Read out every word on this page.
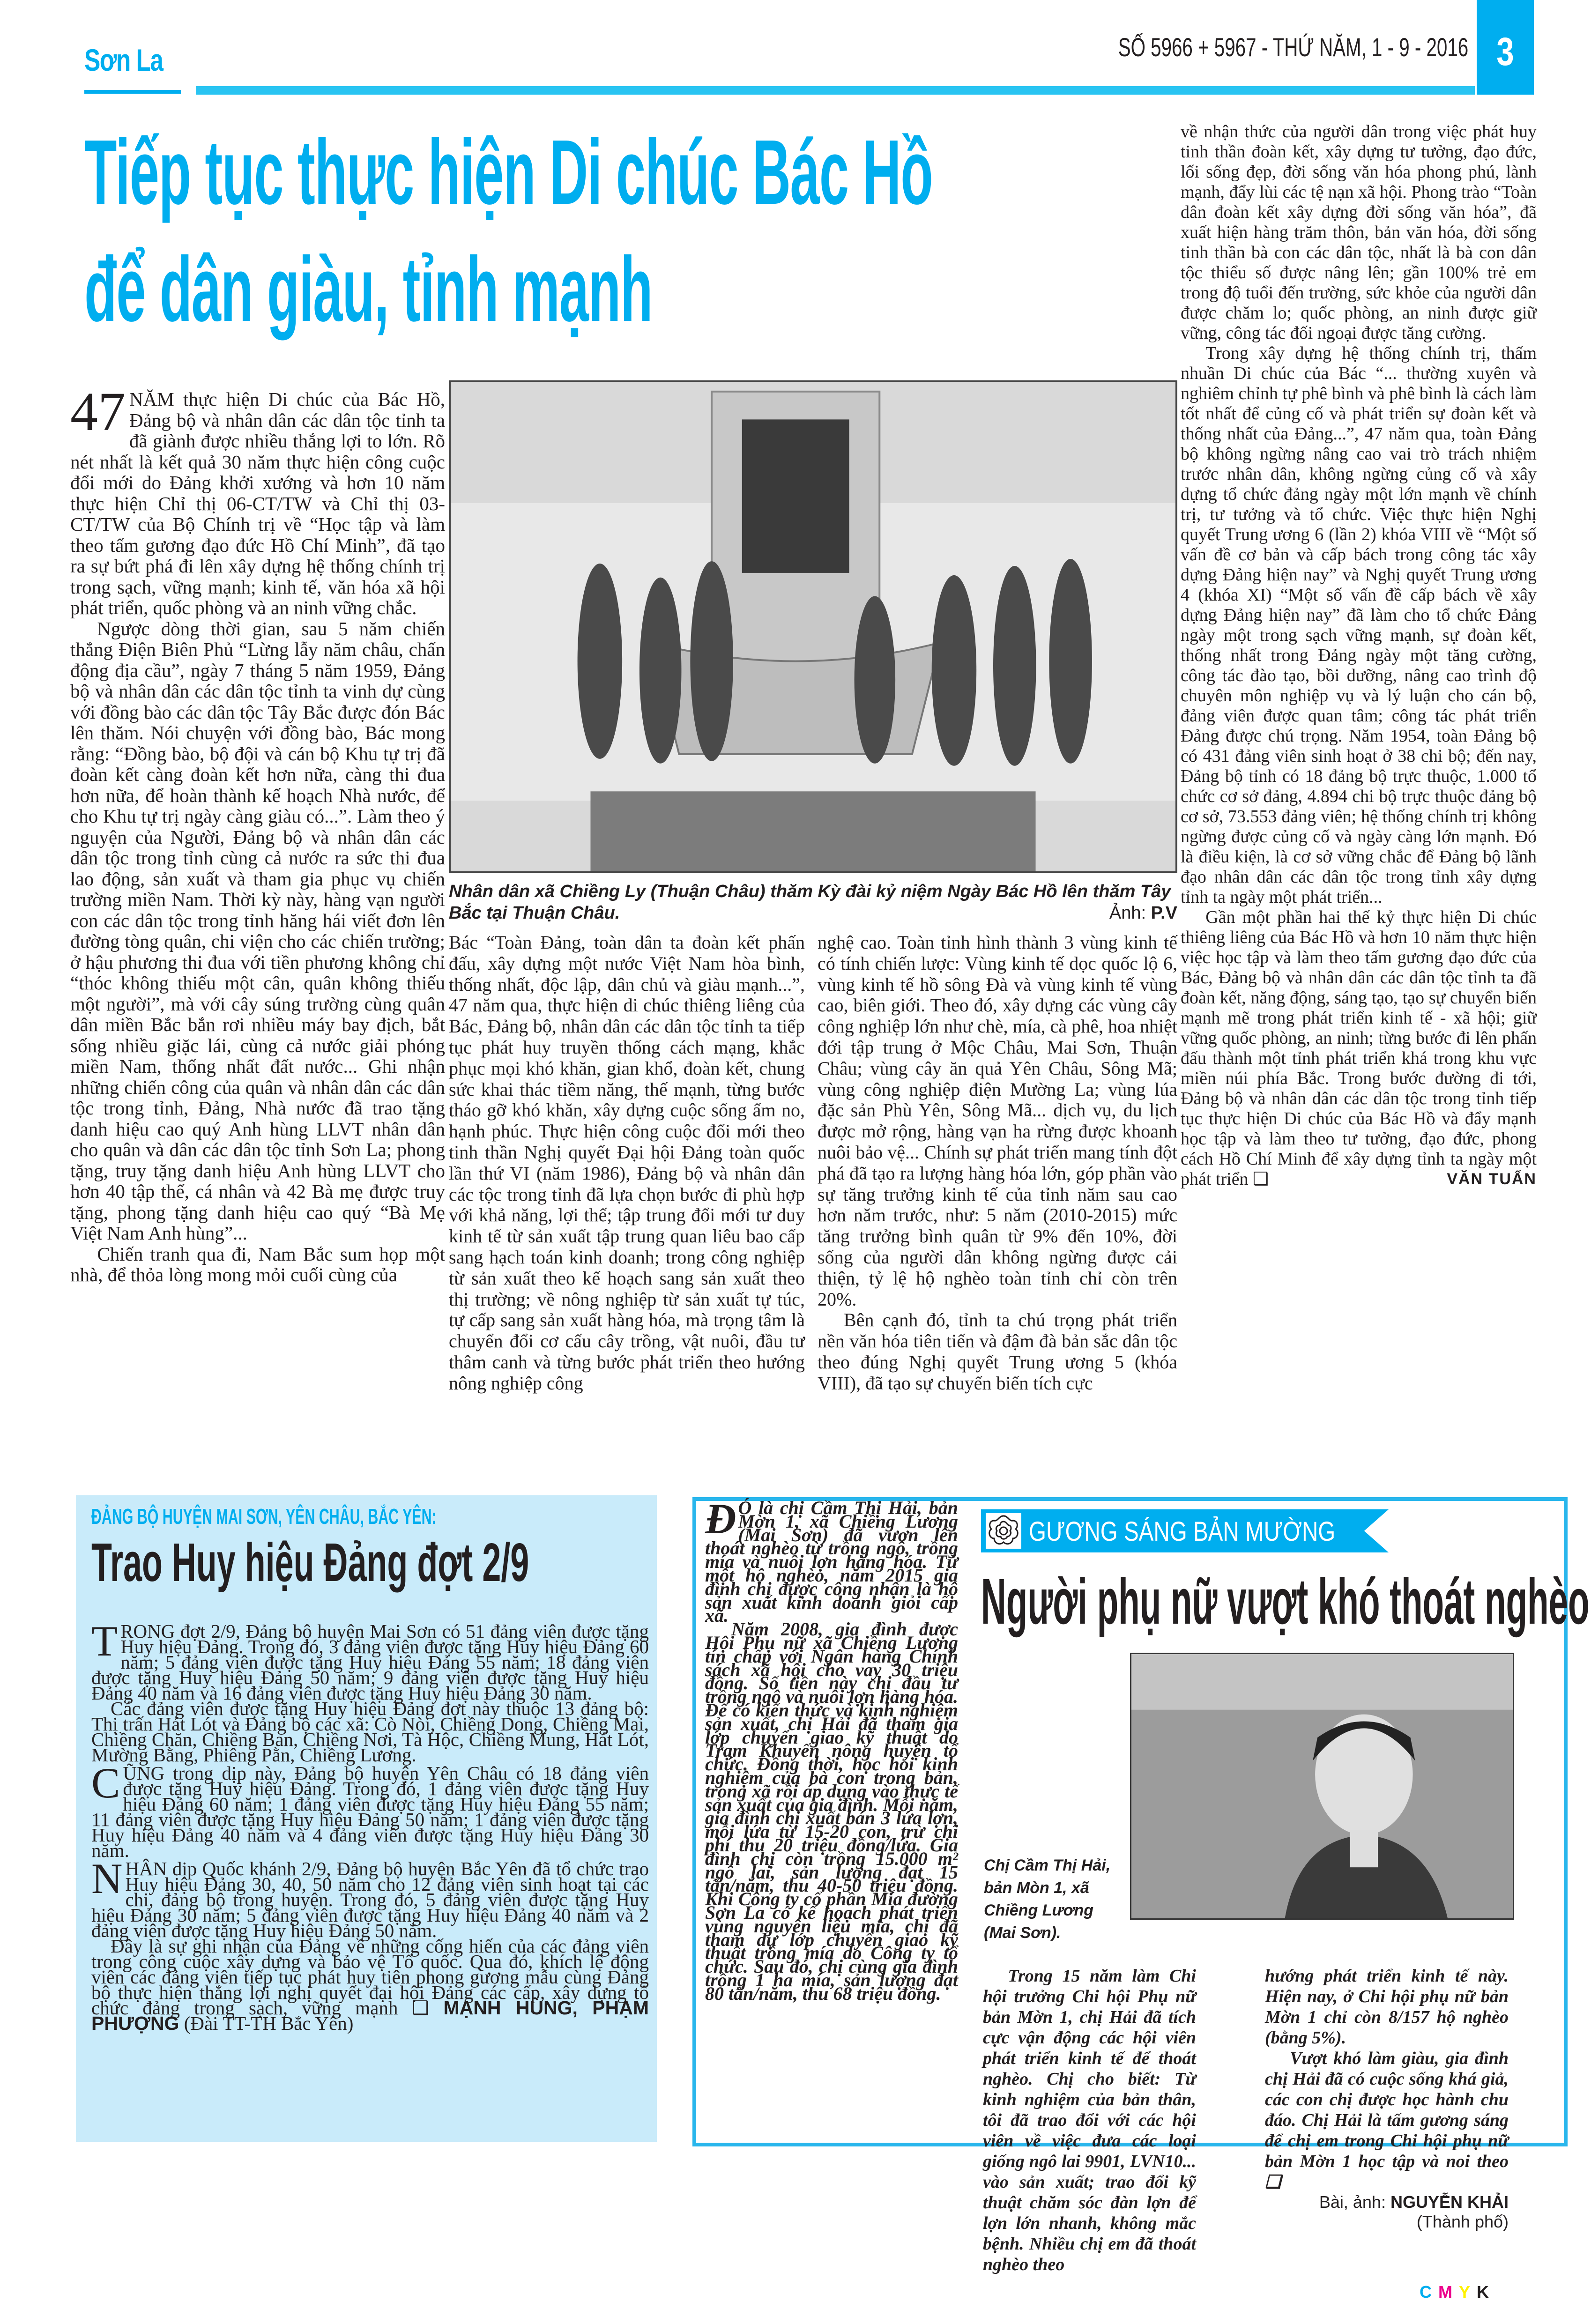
Sơn La	SỐ 5966 + 5967 - THỨ NĂM, 1 - 9 - 2016 3
Tiếp tục thực hiện Di chúc Bác Hồ
để dân giàu, tỉnh mạnh

47 NĂM thực hiện Di chúc của Bác Hồ, Đảng bộ và nhân dân các dân tộc tỉnh ta đã giành được nhiều thắng lợi to lớn. Rõ nét nhất là kết quả 30 năm thực hiện công cuộc đổi mới do Đảng khởi xướng và hơn 10 năm thực hiện Chỉ thị 06-CT/TW và Chỉ thị 03-CT/TW của Bộ Chính trị về “Học tập và làm theo tấm gương đạo đức Hồ Chí Minh”, đã tạo ra sự bứt phá đi lên xây dựng hệ thống chính trị trong sạch, vững mạnh; kinh tế, văn hóa xã hội phát triển, quốc phòng và an ninh vững chắc.

Ngược dòng thời gian, sau 5 năm chiến thắng Điện Biên Phủ “Lừng lẫy năm châu, chấn động địa cầu”, ngày 7 tháng 5 năm 1959, Đảng bộ và nhân dân các dân tộc tỉnh ta vinh dự cùng với đồng bào các dân tộc Tây Bắc được đón Bác lên thăm. Nói chuyện với đồng bào, Bác mong rằng: “Đồng bào, bộ đội và cán bộ Khu tự trị đã đoàn kết càng đoàn kết hơn nữa, càng thi đua hơn nữa, để hoàn thành kế hoạch Nhà nước, để cho Khu tự trị ngày càng giàu có...”. Làm theo ý nguyện của Người, Đảng bộ và nhân dân các dân tộc trong tỉnh cùng cả nước ra sức thi đua lao động, sản xuất và tham gia phục vụ chiến trường miền Nam. Thời kỳ này, hàng vạn người con các dân tộc trong tỉnh hăng hái viết đơn lên đường tòng quân, chi viện cho các chiến trường; ở hậu phương thi đua với tiền phương không chỉ “thóc không thiếu một cân, quân không thiếu một người”, mà với cây súng trường cùng quân dân miền Bắc bắn rơi nhiều máy bay địch, bắt sống nhiều giặc lái, cùng cả nước giải phóng miền Nam, thống nhất đất nước... Ghi nhận những chiến công của quân và nhân dân các dân tộc trong tỉnh, Đảng, Nhà nước đã trao tặng danh hiệu cao quý Anh hùng LLVT nhân dân cho quân và dân các dân tộc tỉnh Sơn La; phong tặng, truy tặng danh hiệu Anh hùng LLVT cho hơn 40 tập thể, cá nhân và 42 Bà mẹ được truy tặng, phong tặng danh hiệu cao quý “Bà Mẹ Việt Nam Anh hùng”...

Chiến tranh qua đi, Nam Bắc sum họp một nhà, để thỏa lòng mong mỏi cuối cùng của

Nhân dân xã Chiềng Ly (Thuận Châu) thăm Kỳ đài kỷ niệm Ngày Bác Hồ lên thăm Tây Bắc tại Thuận Châu.	Ảnh: P.V

Bác “Toàn Đảng, toàn dân ta đoàn kết phấn đấu, xây dựng một nước Việt Nam hòa bình, thống nhất, độc lập, dân chủ và giàu mạnh...”, 47 năm qua, thực hiện di chúc thiêng liêng của Bác, Đảng bộ, nhân dân các dân tộc tỉnh ta tiếp tục phát huy truyền thống cách mạng, khắc phục mọi khó khăn, gian khổ, đoàn kết, chung sức khai thác tiềm năng, thế mạnh, từng bước tháo gỡ khó khăn, xây dựng cuộc sống ấm no, hạnh phúc. Thực hiện công cuộc đổi mới theo tinh thần Nghị quyết Đại hội Đảng toàn quốc lần thứ VI (năm 1986), Đảng bộ và nhân dân các tộc trong tỉnh đã lựa chọn bước đi phù hợp với khả năng, lợi thế; tập trung đổi mới tư duy kinh tế từ sản xuất tập trung quan liêu bao cấp sang hạch toán kinh doanh; trong công nghiệp từ sản xuất theo kế hoạch sang sản xuất theo thị trường; về nông nghiệp từ sản xuất tự túc, tự cấp sang sản xuất hàng hóa, mà trọng tâm là chuyển đổi cơ cấu cây trồng, vật nuôi, đầu tư thâm canh và từng bước phát triển theo hướng nông nghiệp công

nghệ cao. Toàn tỉnh hình thành 3 vùng kinh tế có tính chiến lược: Vùng kinh tế dọc quốc lộ 6, vùng kinh tế hồ sông Đà và vùng kinh tế vùng cao, biên giới. Theo đó, xây dựng các vùng cây công nghiệp lớn như chè, mía, cà phê, hoa nhiệt đới tập trung ở Mộc Châu, Mai Sơn, Thuận Châu; vùng cây ăn quả Yên Châu, Sông Mã; vùng công nghiệp điện Mường La; vùng lúa đặc sản Phù Yên, Sông Mã... dịch vụ, du lịch được mở rộng, hàng vạn ha rừng được khoanh nuôi bảo vệ... Chính sự phát triển mang tính đột phá đã tạo ra lượng hàng hóa lớn, góp phần vào sự tăng trưởng kinh tế của tỉnh năm sau cao hơn năm trước, như: 5 năm (2010-2015) mức tăng trưởng bình quân từ 9% đến 10%, đời sống của người dân không ngừng được cải thiện, tỷ lệ hộ nghèo toàn tỉnh chỉ còn trên 20%.

Bên cạnh đó, tỉnh ta chú trọng phát triển nền văn hóa tiên tiến và đậm đà bản sắc dân tộc theo đúng Nghị quyết Trung ương 5 (khóa VIII), đã tạo sự chuyển biến tích cực

về nhận thức của người dân trong việc phát huy tinh thần đoàn kết, xây dựng tư tưởng, đạo đức, lối sống đẹp, đời sống văn hóa phong phú, lành mạnh, đẩy lùi các tệ nạn xã hội. Phong trào “Toàn dân đoàn kết xây dựng đời sống văn hóa”, đã xuất hiện hàng trăm thôn, bản văn hóa, đời sống tinh thần bà con các dân tộc, nhất là bà con dân tộc thiểu số được nâng lên; gần 100% trẻ em trong độ tuổi đến trường, sức khỏe của người dân được chăm lo; quốc phòng, an ninh được giữ vững, công tác đối ngoại được tăng cường.

Trong xây dựng hệ thống chính trị, thấm nhuần Di chúc của Bác “... thường xuyên và nghiêm chỉnh tự phê bình và phê bình là cách làm tốt nhất để củng cố và phát triển sự đoàn kết và thống nhất của Đảng...”, 47 năm qua, toàn Đảng bộ không ngừng nâng cao vai trò trách nhiệm trước nhân dân, không ngừng củng cố và xây dựng tổ chức đảng ngày một lớn mạnh về chính trị, tư tưởng và tổ chức. Việc thực hiện Nghị quyết Trung ương 6 (lần 2) khóa VIII về “Một số vấn đề cơ bản và cấp bách trong công tác xây dựng Đảng hiện nay” và Nghị quyết Trung ương 4 (khóa XI) “Một số vấn đề cấp bách về xây dựng Đảng hiện nay” đã làm cho tổ chức Đảng ngày một trong sạch vững mạnh, sự đoàn kết, thống nhất trong Đảng ngày một tăng cường, công tác đào tạo, bồi dưỡng, nâng cao trình độ chuyên môn nghiệp vụ và lý luận cho cán bộ, đảng viên được quan tâm; công tác phát triển Đảng được chú trọng. Năm 1954, toàn Đảng bộ có 431 đảng viên sinh hoạt ở 38 chi bộ; đến nay, Đảng bộ tỉnh có 18 đảng bộ trực thuộc, 1.000 tổ chức cơ sở đảng, 4.894 chi bộ trực thuộc đảng bộ cơ sở, 73.553 đảng viên; hệ thống chính trị không ngừng được củng cố và ngày càng lớn mạnh. Đó là điều kiện, là cơ sở vững chắc để Đảng bộ lãnh đạo nhân dân các dân tộc trong tỉnh xây dựng tỉnh ta ngày một phát triển...

Gần một phần hai thế kỷ thực hiện Di chúc thiêng liêng của Bác Hồ và hơn 10 năm thực hiện việc học tập và làm theo tấm gương đạo đức của Bác, Đảng bộ và nhân dân các dân tộc tỉnh ta đã đoàn kết, năng động, sáng tạo, tạo sự chuyển biến mạnh mẽ trong phát triển kinh tế - xã hội; giữ vững quốc phòng, an ninh; từng bước đi lên phấn đấu thành một tỉnh phát triển khá trong khu vực miền núi phía Bắc. Trong bước đường đi tới, Đảng bộ và nhân dân các dân tộc trong tỉnh tiếp tục thực hiện Di chúc của Bác Hồ và đẩy mạnh học tập và làm theo tư tưởng, đạo đức, phong cách Hồ Chí Minh để xây dựng tỉnh ta ngày một phát triển ❑	VĂN TUẤN

ĐẢNG BỘ HUYỆN MAI SƠN, YÊN CHÂU, BẮC YÊN:
Trao Huy hiệu Đảng đợt 2/9

TRONG đợt 2/9, Đảng bộ huyện Mai Sơn có 51 đảng viên được tặng Huy hiệu Đảng. Trong đó, 3 đảng viên được tặng Huy hiệu Đảng 60 năm; 5 đảng viên được tặng Huy hiệu Đảng 55 năm; 18 đảng viên được tặng Huy hiệu Đảng 50 năm; 9 đảng viên được tặng Huy hiệu Đảng 40 năm và 16 đảng viên được tặng Huy hiệu Đảng 30 năm.

Các đảng viên được tặng Huy hiệu Đảng đợt này thuộc 13 đảng bộ: Thị trấn Hát Lót và Đảng bộ các xã: Cò Nòi, Chiềng Dong, Chiềng Mai, Chiềng Chăn, Chiềng Ban, Chiềng Nơi, Tà Hộc, Chiềng Mung, Hát Lót, Mường Bằng, Phiêng Pằn, Chiềng Lương.

CŨNG trong dịp này, Đảng bộ huyện Yên Châu có 18 đảng viên được tặng Huy hiệu Đảng. Trong đó, 1 đảng viên được tặng Huy hiệu Đảng 60 năm; 1 đảng viên được tặng Huy hiệu Đảng 55 năm; 11 đảng viên được tặng Huy hiệu Đảng 50 năm; 1 đảng viên được tặng Huy hiệu Đảng 40 năm và 4 đảng viên được tặng Huy hiệu Đảng 30 năm.

NHÂN dịp Quốc khánh 2/9, Đảng bộ huyện Bắc Yên đã tổ chức trao Huy hiệu Đảng 30, 40, 50 năm cho 12 đảng viên sinh hoạt tại các chi, đảng bộ trong huyện. Trong đó, 5 đảng viên được tặng Huy hiệu Đảng 30 năm; 5 đảng viên được tặng Huy hiệu Đảng 40 năm và 2 đảng viên được tặng Huy hiệu Đảng 50 năm.

Đây là sự ghi nhận của Đảng về những cống hiến của các đảng viên trong công cuộc xây dựng và bảo vệ Tổ quốc. Qua đó, khích lệ động viên các đảng viên tiếp tục phát huy tiên phong gương mẫu cùng Đảng bộ thực hiện thắng lợi nghị quyết đại hội Đảng các cấp, xây dựng tổ chức đảng trong sạch, vững mạnh ❑ MẠNH HÙNG, PHẠM PHƯỢNG (Đài TT-TH Bắc Yên)

Đ Ó là chị Cầm Thị Hải, bản Mờn 1, xã Chiềng Lương (Mai Sơn) đã vươn lên thoát nghèo từ trồng ngô, trồng mía và nuôi lợn hàng hóa. Từ một hộ nghèo, năm 2015 gia đình chị được công nhận là hộ sản xuất kinh doanh giỏi cấp xã.

Năm 2008, gia đình được Hội Phụ nữ xã Chiềng Lương tín chấp với Ngân hàng Chính sách xã hội cho vay 30 triệu đồng. Số tiền này chị đầu tư trồng ngô và nuôi lợn hàng hóa. Để có kiến thức và kinh nghiệm sản xuất, chị Hải đã tham gia lớp chuyển giao kỹ thuật do Trạm Khuyến nông huyện tổ chức. Đồng thời, học hỏi kinh nghiệm của bà con trong bản, trong xã rồi áp dụng vào thực tế sản xuất của gia đình. Mỗi năm, gia đình chị xuất bán 3 lứa lợn, mỗi lứa từ 15-20 con, trừ chi phí thu 20 triệu đồng/lứa. Gia đình chị còn trồng 15.000 m² ngô lai, sản lượng đạt 15 tấn/năm, thu 40-50 triệu đồng. Khi Công ty cổ phần Mía đường Sơn La có kế hoạch phát triển vùng nguyên liệu mía, chị đã tham dự lớp chuyển giao kỹ thuật trồng mía do Công ty tổ chức. Sau đó, chị cùng gia đình trồng 1 ha mía, sản lượng đạt 80 tấn/năm, thu 68 triệu đồng.

GƯƠNG SÁNG BẢN MƯỜNG
Người phụ nữ vượt khó thoát nghèo
Chị Cầm Thị Hải, bản Mòn 1, xã Chiềng Lương (Mai Sơn).

Trong 15 năm làm Chi hội trưởng Chi hội Phụ nữ bản Mờn 1, chị Hải đã tích cực vận động các hội viên phát triển kinh tế để thoát nghèo. Chị cho biết: Từ kinh nghiệm của bản thân, tôi đã trao đổi với các hội viên về việc đưa các loại giống ngô lai 9901, LVN10... vào sản xuất; trao đổi kỹ thuật chăm sóc đàn lợn để lợn lớn nhanh, không mắc bệnh. Nhiều chị em đã thoát nghèo theo

hướng phát triển kinh tế này. Hiện nay, ở Chi hội phụ nữ bản Mờn 1 chỉ còn 8/157 hộ nghèo (bằng 5%).

Vượt khó làm giàu, gia đình chị Hải đã có cuộc sống khá giả, các con chị được học hành chu đáo. Chị Hải là tấm gương sáng để chị em trong Chi hội phụ nữ bản Mờn 1 học tập và noi theo ❑

Bài, ảnh: NGUYỄN KHẢI
(Thành phố)
CMYK
